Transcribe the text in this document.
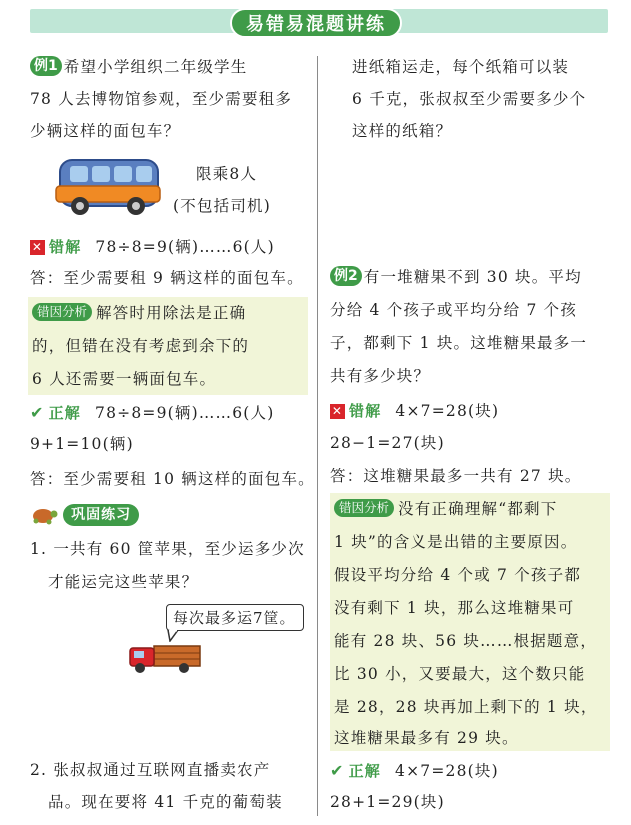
易错易混题讲练
例1 希望小学组织二年级学生
78 人去博物馆参观，至少需要租多
少辆这样的面包车？
限乘8人
(不包括司机)
✕ 错解 78÷8=9(辆)……6(人)
答：至少需要租 9 辆这样的面包车。
错因分析 解答时用除法是正确
的，但错在没有考虑到余下的
6 人还需要一辆面包车。
✔ 正解 78÷8=9(辆)……6(人)
9+1=10(辆)
答：至少需要租 10 辆这样的面包车。
巩固练习
1. 一共有 60 筐苹果，至少运多少次
才能运完这些苹果？
每次最多运7筐。
2. 张叔叔通过互联网直播卖农产
品。现在要将 41 千克的葡萄装
进纸箱运走，每个纸箱可以装
6 千克，张叔叔至少需要多少个
这样的纸箱？
例2 有一堆糖果不到 30 块。平均
分给 4 个孩子或平均分给 7 个孩
子，都剩下 1 块。这堆糖果最多一
共有多少块？
✕ 错解 4×7=28(块)
28−1=27(块)
答：这堆糖果最多一共有 27 块。
错因分析 没有正确理解“都剩下
1 块”的含义是出错的主要原因。
假设平均分给 4 个或 7 个孩子都
没有剩下 1 块，那么这堆糖果可
能有 28 块、56 块……根据题意，
比 30 小，又要最大，这个数只能
是 28，28 块再加上剩下的 1 块，
这堆糖果最多有 29 块。
✔ 正解 4×7=28(块)
28+1=29(块)
